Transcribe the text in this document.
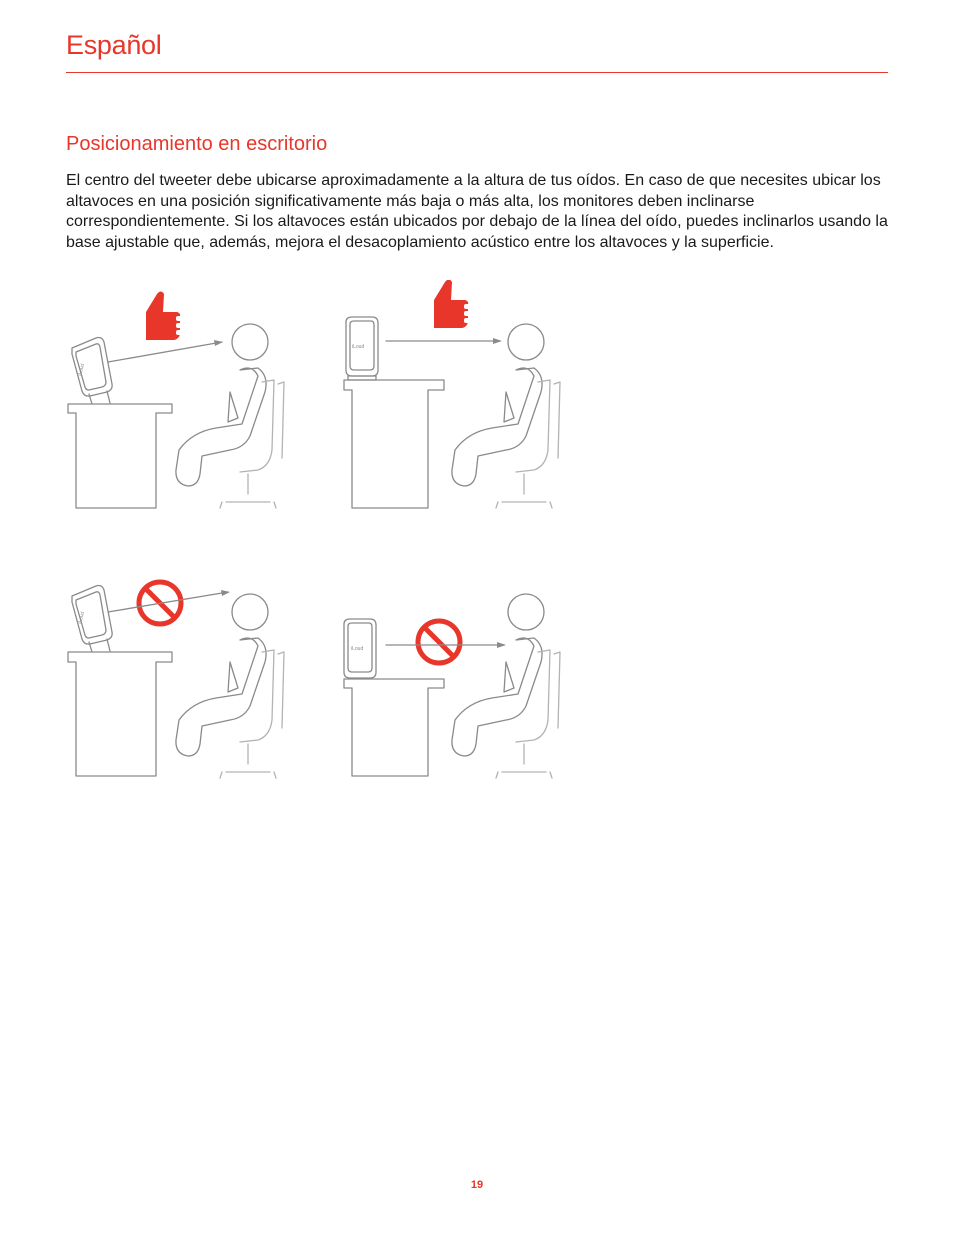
Español
Posicionamiento en escritorio

El centro del tweeter debe ubicarse aproximadamente a la altura de tus oídos. En caso de que necesites ubicar los altavoces en una posición significativamente más baja o más alta, los monitores deben inclinarse correspondientemente. Si los altavoces están ubicados por debajo de la línea del oído, puedes inclinarlos usando la base ajustable que, además, mejora el desacoplamiento acústico entre los altavoces y la superficie.

iLoud
iLoud
iLoud
iLoud
19
